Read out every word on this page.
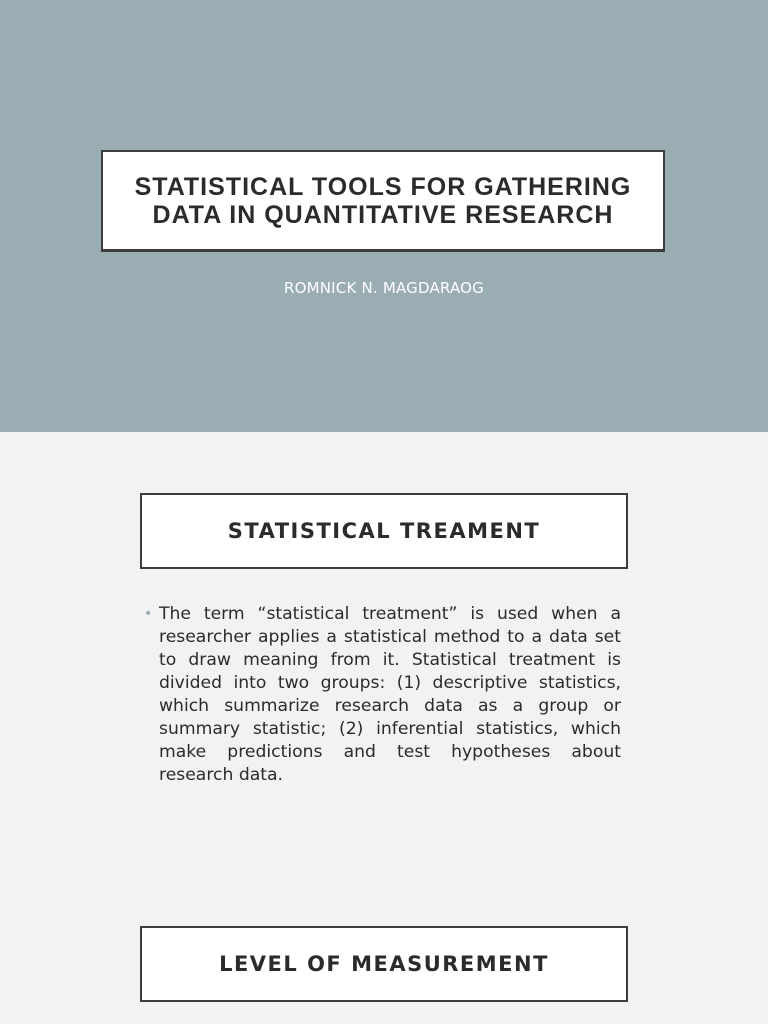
STATISTICAL TOOLS FOR GATHERING
DATA IN QUANTITATIVE RESEARCH
ROMNICK N. MAGDARAOG
STATISTICAL TREAMENT
• The term “statistical treatment” is used when a researcher applies a statistical method to a data set to draw meaning from it. Statistical treatment is divided into two groups: (1) descriptive statistics, which summarize research data as a group or summary statistic; (2) inferential statistics, which make predictions and test hypotheses about research data.
LEVEL OF MEASUREMENT
